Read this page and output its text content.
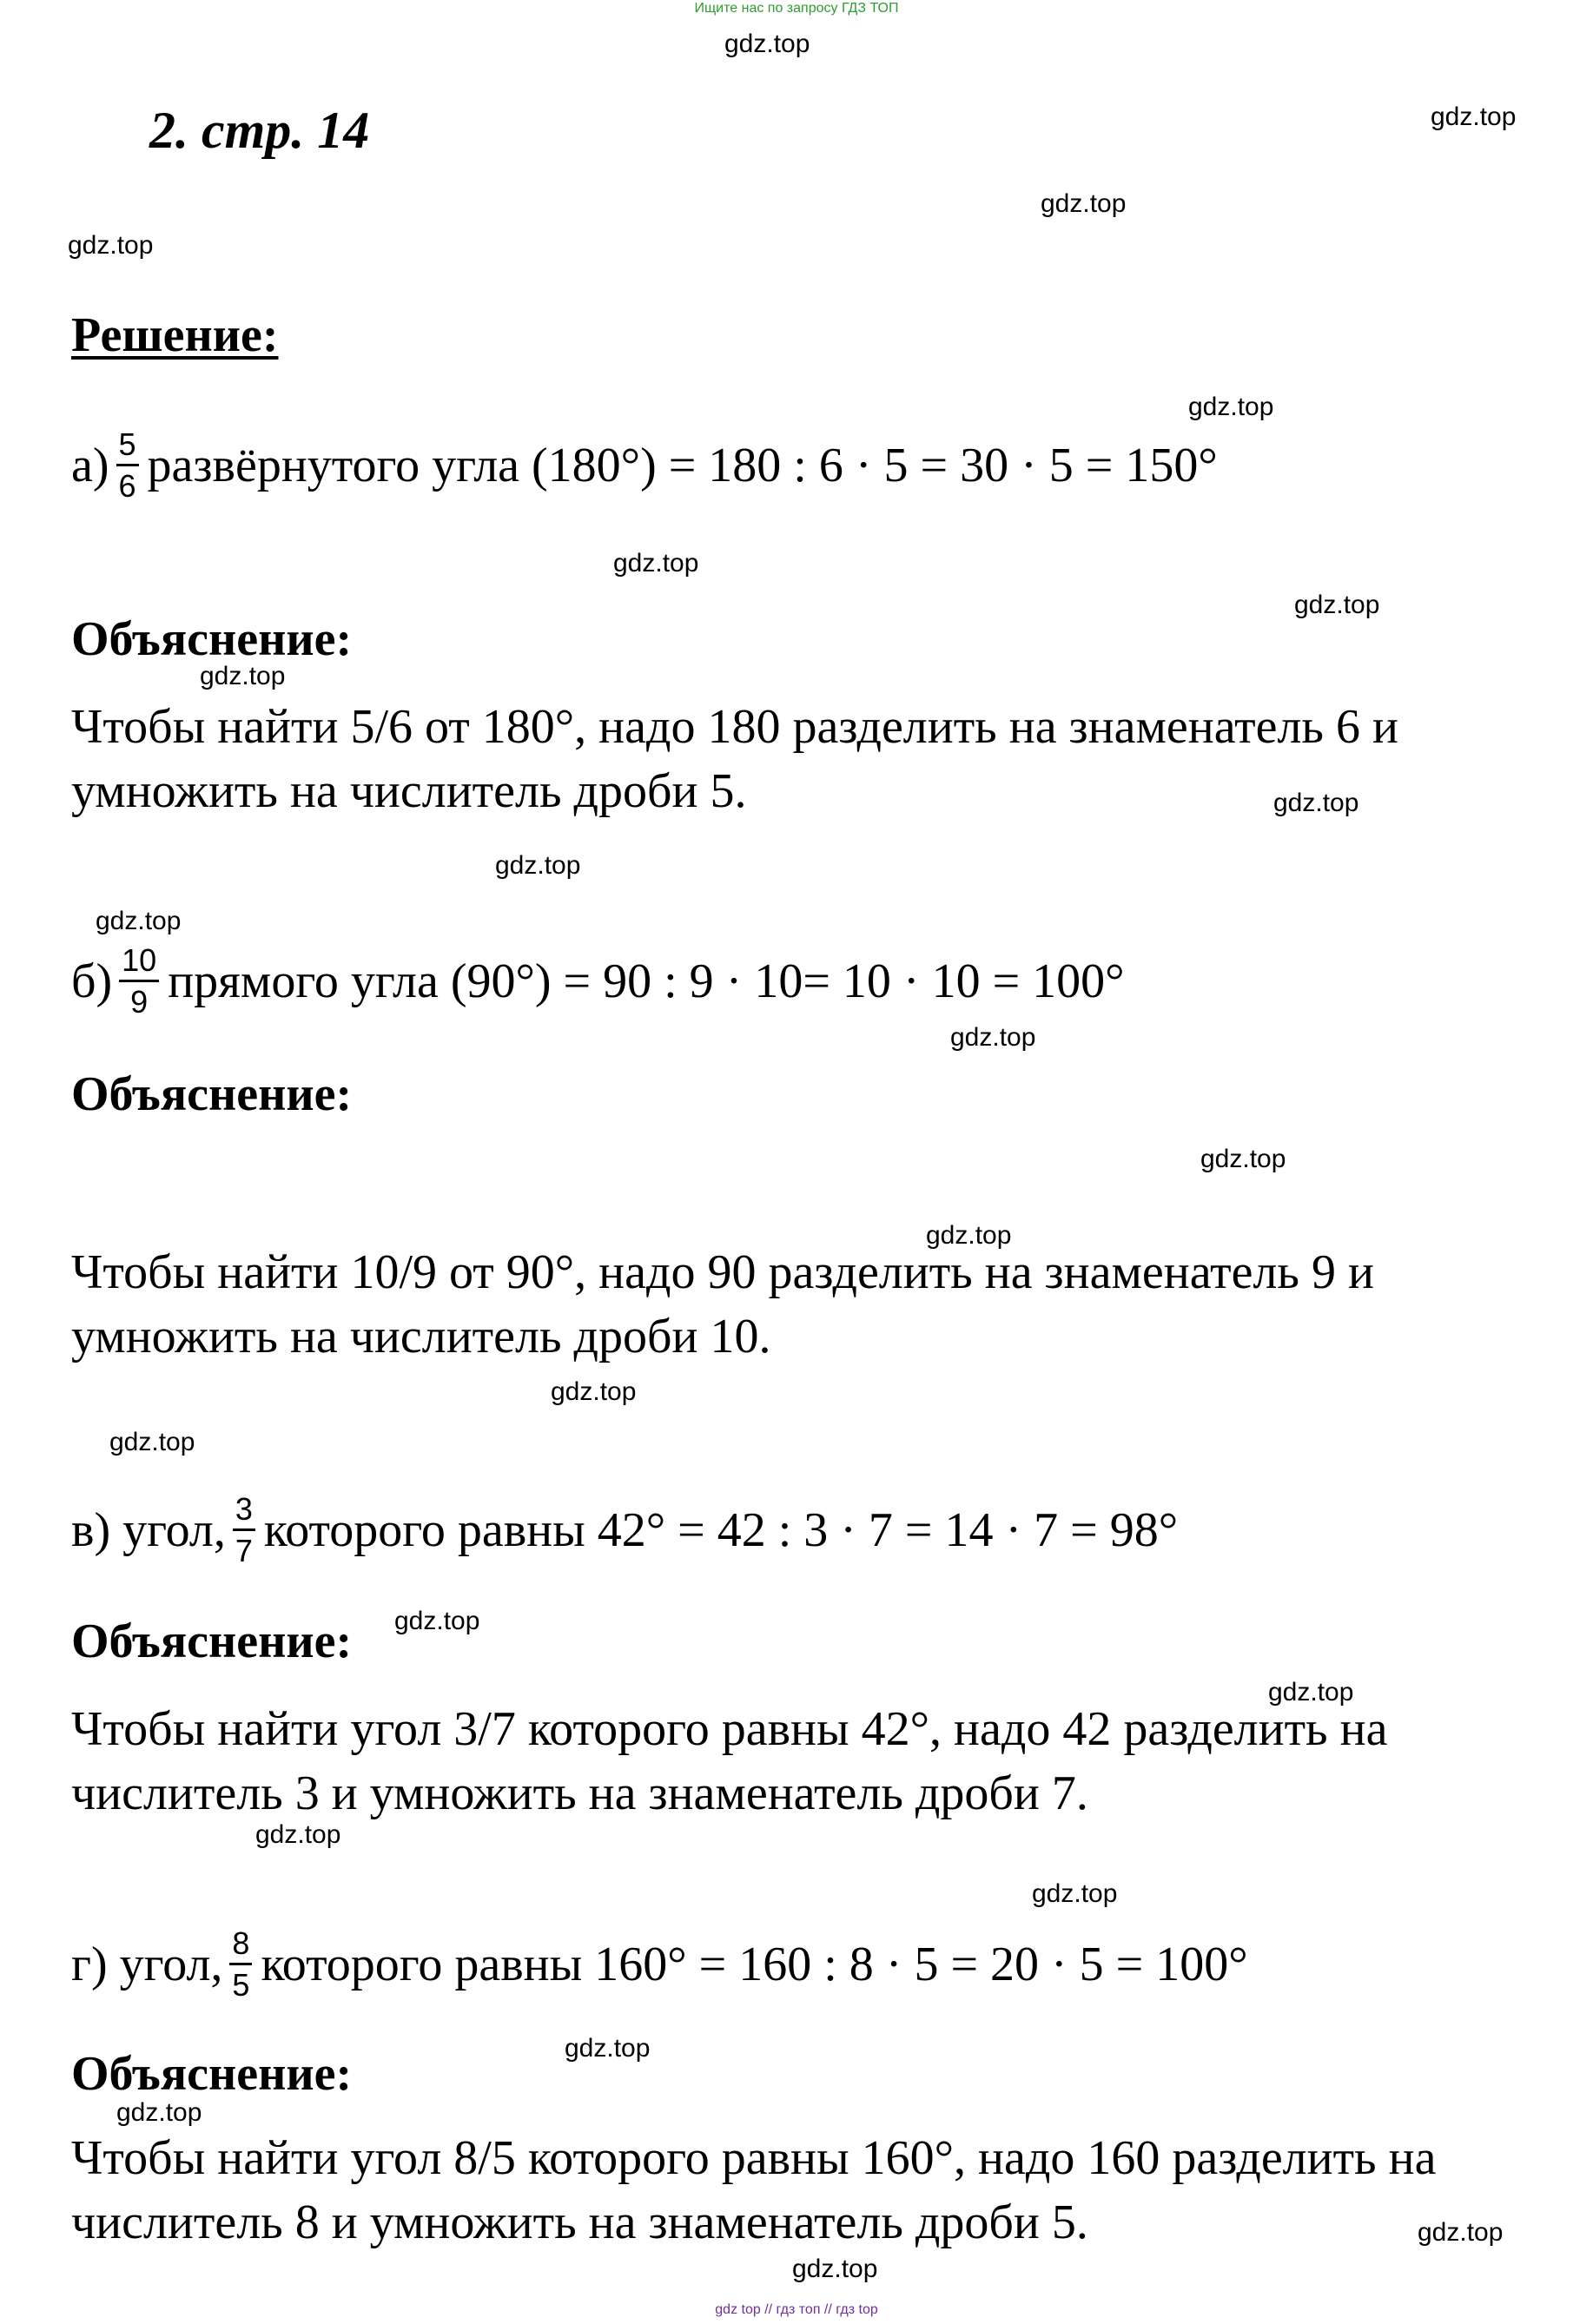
Ищите нас по запросу ГДЗ ТОП
gdz.top
gdz.top
gdz.top
gdz.top
gdz.top
gdz.top
gdz.top
gdz.top
gdz.top
gdz.top
gdz.top
gdz.top
gdz.top
gdz.top
gdz.top
gdz.top
gdz.top
gdz.top
gdz.top
gdz.top
gdz.top
gdz.top
gdz.top
gdz.top
2. стр. 14
Решение:
$а) \frac{5}{6}$ развёрнутого угла (180°) = 180 : 6 · 5 = 30 · 5 = 150°
Объяснение:
Чтобы найти 5/6 от 180°, надо 180 разделить на знаменатель 6 и умножить на числитель дроби 5.
$б) \frac{10}{9}$ прямого угла (90°) = 90 : 9 · 10= 10 · 10 = 100°
Объяснение:
Чтобы найти 10/9 от 90°, надо 90 разделить на знаменатель 9 и умножить на числитель дроби 10.
в) угол, $\frac{3}{7}$ которого равны 42° = 42 : 3 · 7 = 14 · 7 = 98°
Объяснение:
Чтобы найти угол 3/7 которого равны 42°, надо 42 разделить на числитель 3 и умножить на знаменатель дроби 7.
г) угол, $\frac{8}{5}$ которого равны 160° = 160 : 8 · 5 = 20 · 5 = 100°
Объяснение:
Чтобы найти угол 8/5 которого равны 160°, надо 160 разделить на числитель 8 и умножить на знаменатель дроби 5.
gdz top // гдз топ // гдз top
